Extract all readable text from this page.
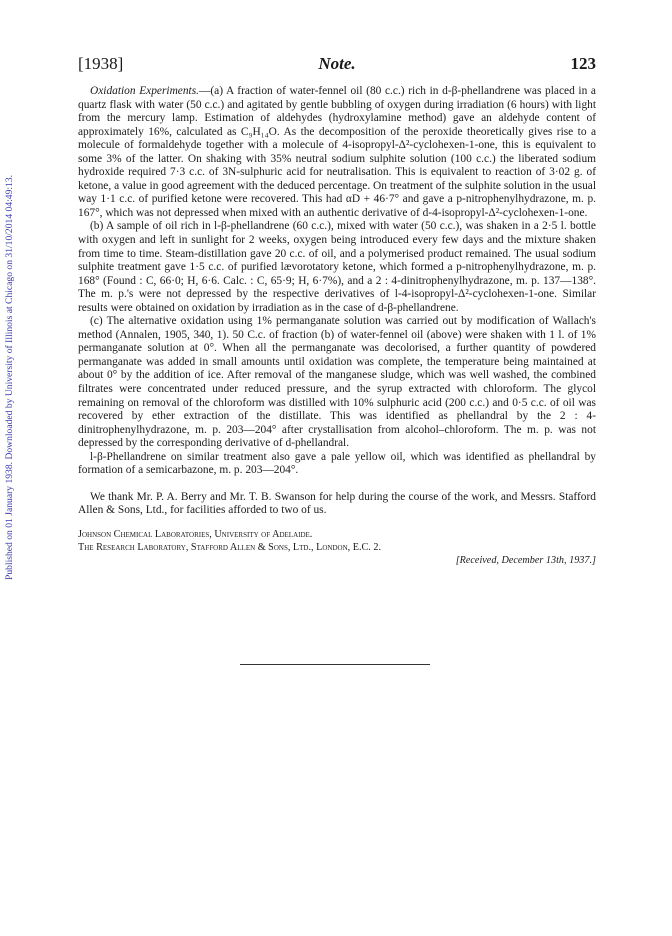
Published on 01 January 1938. Downloaded by University of Illinois at Chicago on 31/10/2014 04:49:13.
[1938]	Note.	123

Oxidation Experiments.—(a) A fraction of water-fennel oil (80 c.c.) rich in d-β-phellandrene was placed in a quartz flask with water (50 c.c.) and agitated by gentle bubbling of oxygen during irradiation (6 hours) with light from the mercury lamp. Estimation of aldehydes (hydroxylamine method) gave an aldehyde content of approximately 16%, calculated as C₉H₁₄O. As the decomposition of the peroxide theoretically gives rise to a molecule of formaldehyde together with a molecule of 4-isopropyl-Δ²-cyclohexen-1-one, this is equivalent to some 3% of the latter. On shaking with 35% neutral sodium sulphite solution (100 c.c.) the liberated sodium hydroxide required 7·3 c.c. of 3N-sulphuric acid for neutralisation. This is equivalent to reaction of 3·02 g. of ketone, a value in good agreement with the deduced percentage. On treatment of the sulphite solution in the usual way 1·1 c.c. of purified ketone were recovered. This had αD + 46·7° and gave a p-nitrophenylhydrazone, m. p. 167°, which was not depressed when mixed with an authentic derivative of d-4-isopropyl-Δ²-cyclohexen-1-one.

(b) A sample of oil rich in l-β-phellandrene (60 c.c.), mixed with water (50 c.c.), was shaken in a 2·5 l. bottle with oxygen and left in sunlight for 2 weeks, oxygen being introduced every few days and the mixture shaken from time to time. Steam-distillation gave 20 c.c. of oil, and a polymerised product remained. The usual sodium sulphite treatment gave 1·5 c.c. of purified lævorotatory ketone, which formed a p-nitrophenylhydrazone, m. p. 168° (Found : C, 66·0; H, 6·6. Calc. : C, 65·9; H, 6·7%), and a 2 : 4-dinitrophenylhydrazone, m. p. 137—138°. The m. p.'s were not depressed by the respective derivatives of l-4-isopropyl-Δ²-cyclohexen-1-one. Similar results were obtained on oxidation by irradiation as in the case of d-β-phellandrene.

(c) The alternative oxidation using 1% permanganate solution was carried out by modification of Wallach's method (Annalen, 1905, 340, 1). 50 C.c. of fraction (b) of water-fennel oil (above) were shaken with 1 l. of 1% permanganate solution at 0°. When all the permanganate was decolorised, a further quantity of powdered permanganate was added in small amounts until oxidation was complete, the temperature being maintained at about 0° by the addition of ice. After removal of the manganese sludge, which was well washed, the combined filtrates were concentrated under reduced pressure, and the syrup extracted with chloroform. The glycol remaining on removal of the chloroform was distilled with 10% sulphuric acid (200 c.c.) and 0·5 c.c. of oil was recovered by ether extraction of the distillate. This was identified as phellandral by the 2 : 4-dinitrophenylhydrazone, m. p. 203—204° after crystallisation from alcohol–chloroform. The m. p. was not depressed by the corresponding derivative of d-phellandral.

l-β-Phellandrene on similar treatment also gave a pale yellow oil, which was identified as phellandral by formation of a semicarbazone, m. p. 203—204°.

We thank Mr. P. A. Berry and Mr. T. B. Swanson for help during the course of the work, and Messrs. Stafford Allen & Sons, Ltd., for facilities afforded to two of us.

Johnson Chemical Laboratories, University of Adelaide.
The Research Laboratory, Stafford Allen & Sons, Ltd., London, E.C. 2.
[Received, December 13th, 1937.]
